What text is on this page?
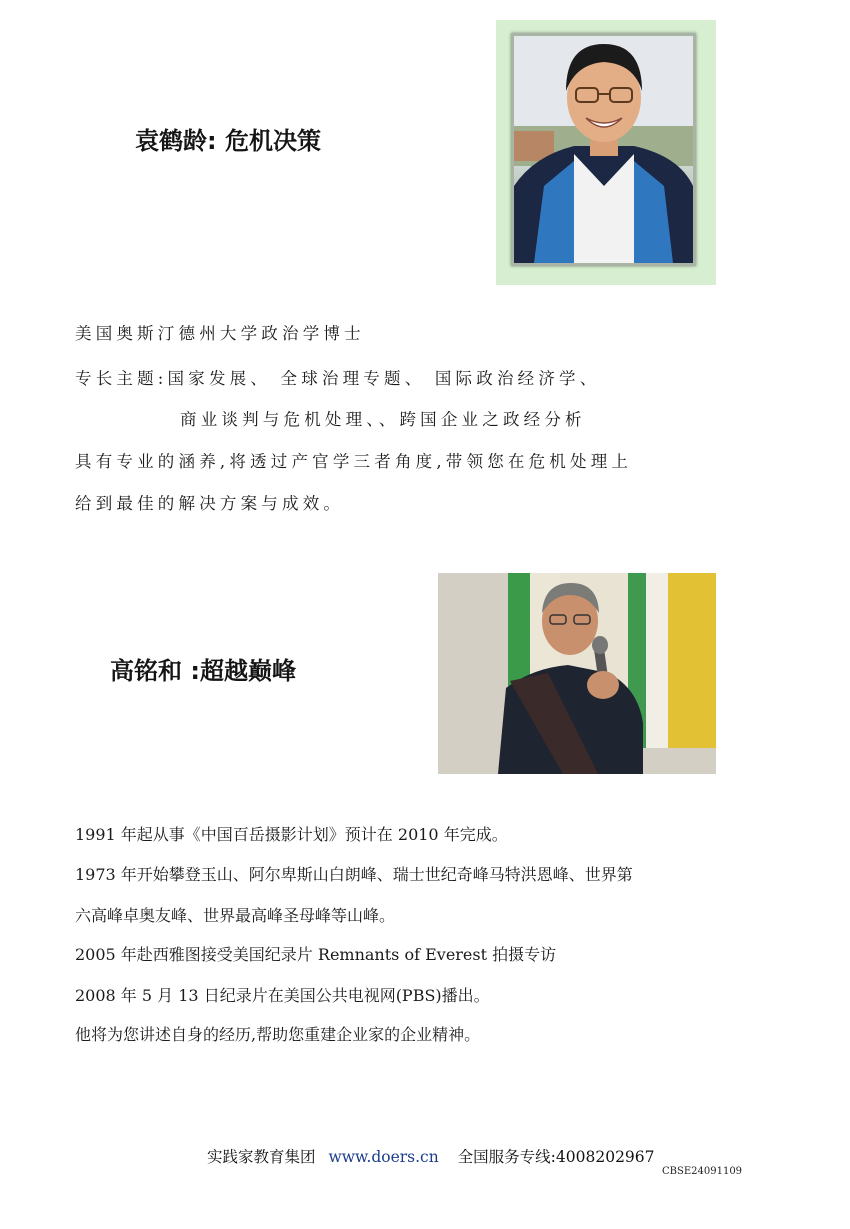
袁鹤龄: 危机决策
美国奥斯汀德州大学政治学博士
专长主题:国家发展、 全球治理专题、 国际政治经济学、
商业谈判与危机处理、、跨国企业之政经分析
具有专业的涵养,将透过产官学三者角度,带领您在危机处理上
给到最佳的解决方案与成效。
高铭和 :超越巅峰
1991 年起从事《中国百岳摄影计划》预计在 2010 年完成。
1973 年开始攀登玉山、阿尔卑斯山白朗峰、瑞士世纪奇峰马特洪恩峰、世界第
六高峰卓奥友峰、世界最高峰圣母峰等山峰。
2005 年赴西雅图接受美国纪录片 Remnants of Everest 拍摄专访
2008 年 5 月 13 日纪录片在美国公共电视网(PBS)播出。
他将为您讲述自身的经历,帮助您重建企业家的企业精神。
实践家教育集团 www.doers.cn 全国服务专线:4008202967
CBSE24091109
